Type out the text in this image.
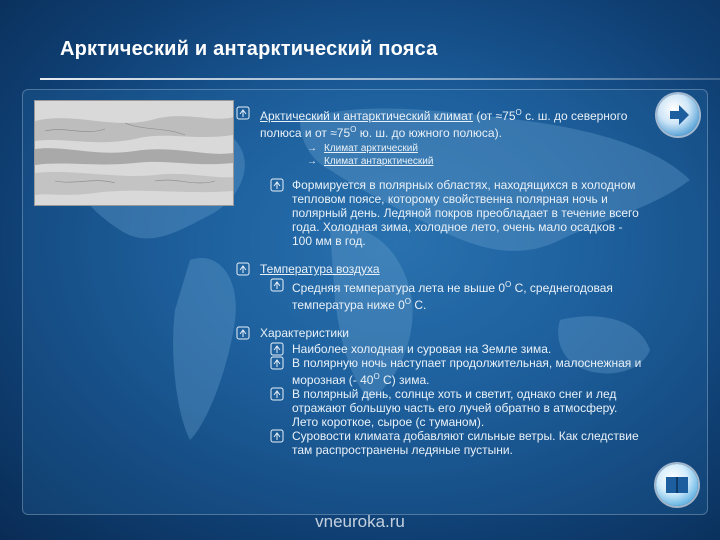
Арктический и антарктический пояса
Арктический и антарктический климат ($от \approx 75^О$ с. ш. до северного полюса и от $\approx 75^О$ ю. ш. до южного полюса).
→ Климат арктический
→ Климат антарктический
Формируется в полярных областях, находящихся в холодном тепловом поясе, которому свойственна полярная ночь и полярный день. Ледяной покров преобладает в течение всего года. Холодная зима, холодное лето, очень мало осадков - 100 мм в год.
Температура воздуха
Средняя температура лета не выше $0^О$ С, среднегодовая температура ниже $0^О$ С.
Характеристики
Наиболее холодная и суровая на Земле зима.
В полярную ночь наступает продолжительная, малоснежная и морозная (- $40^О$ С) зима.
В полярный день, солнце хоть и светит, однако снег и лед отражают большую часть его лучей обратно в атмосферу. Лето короткое, сырое (с туманом).
Суровости климата добавляют сильные ветры. Как следствие там распространены ледяные пустыни.
vneuroka.ru
